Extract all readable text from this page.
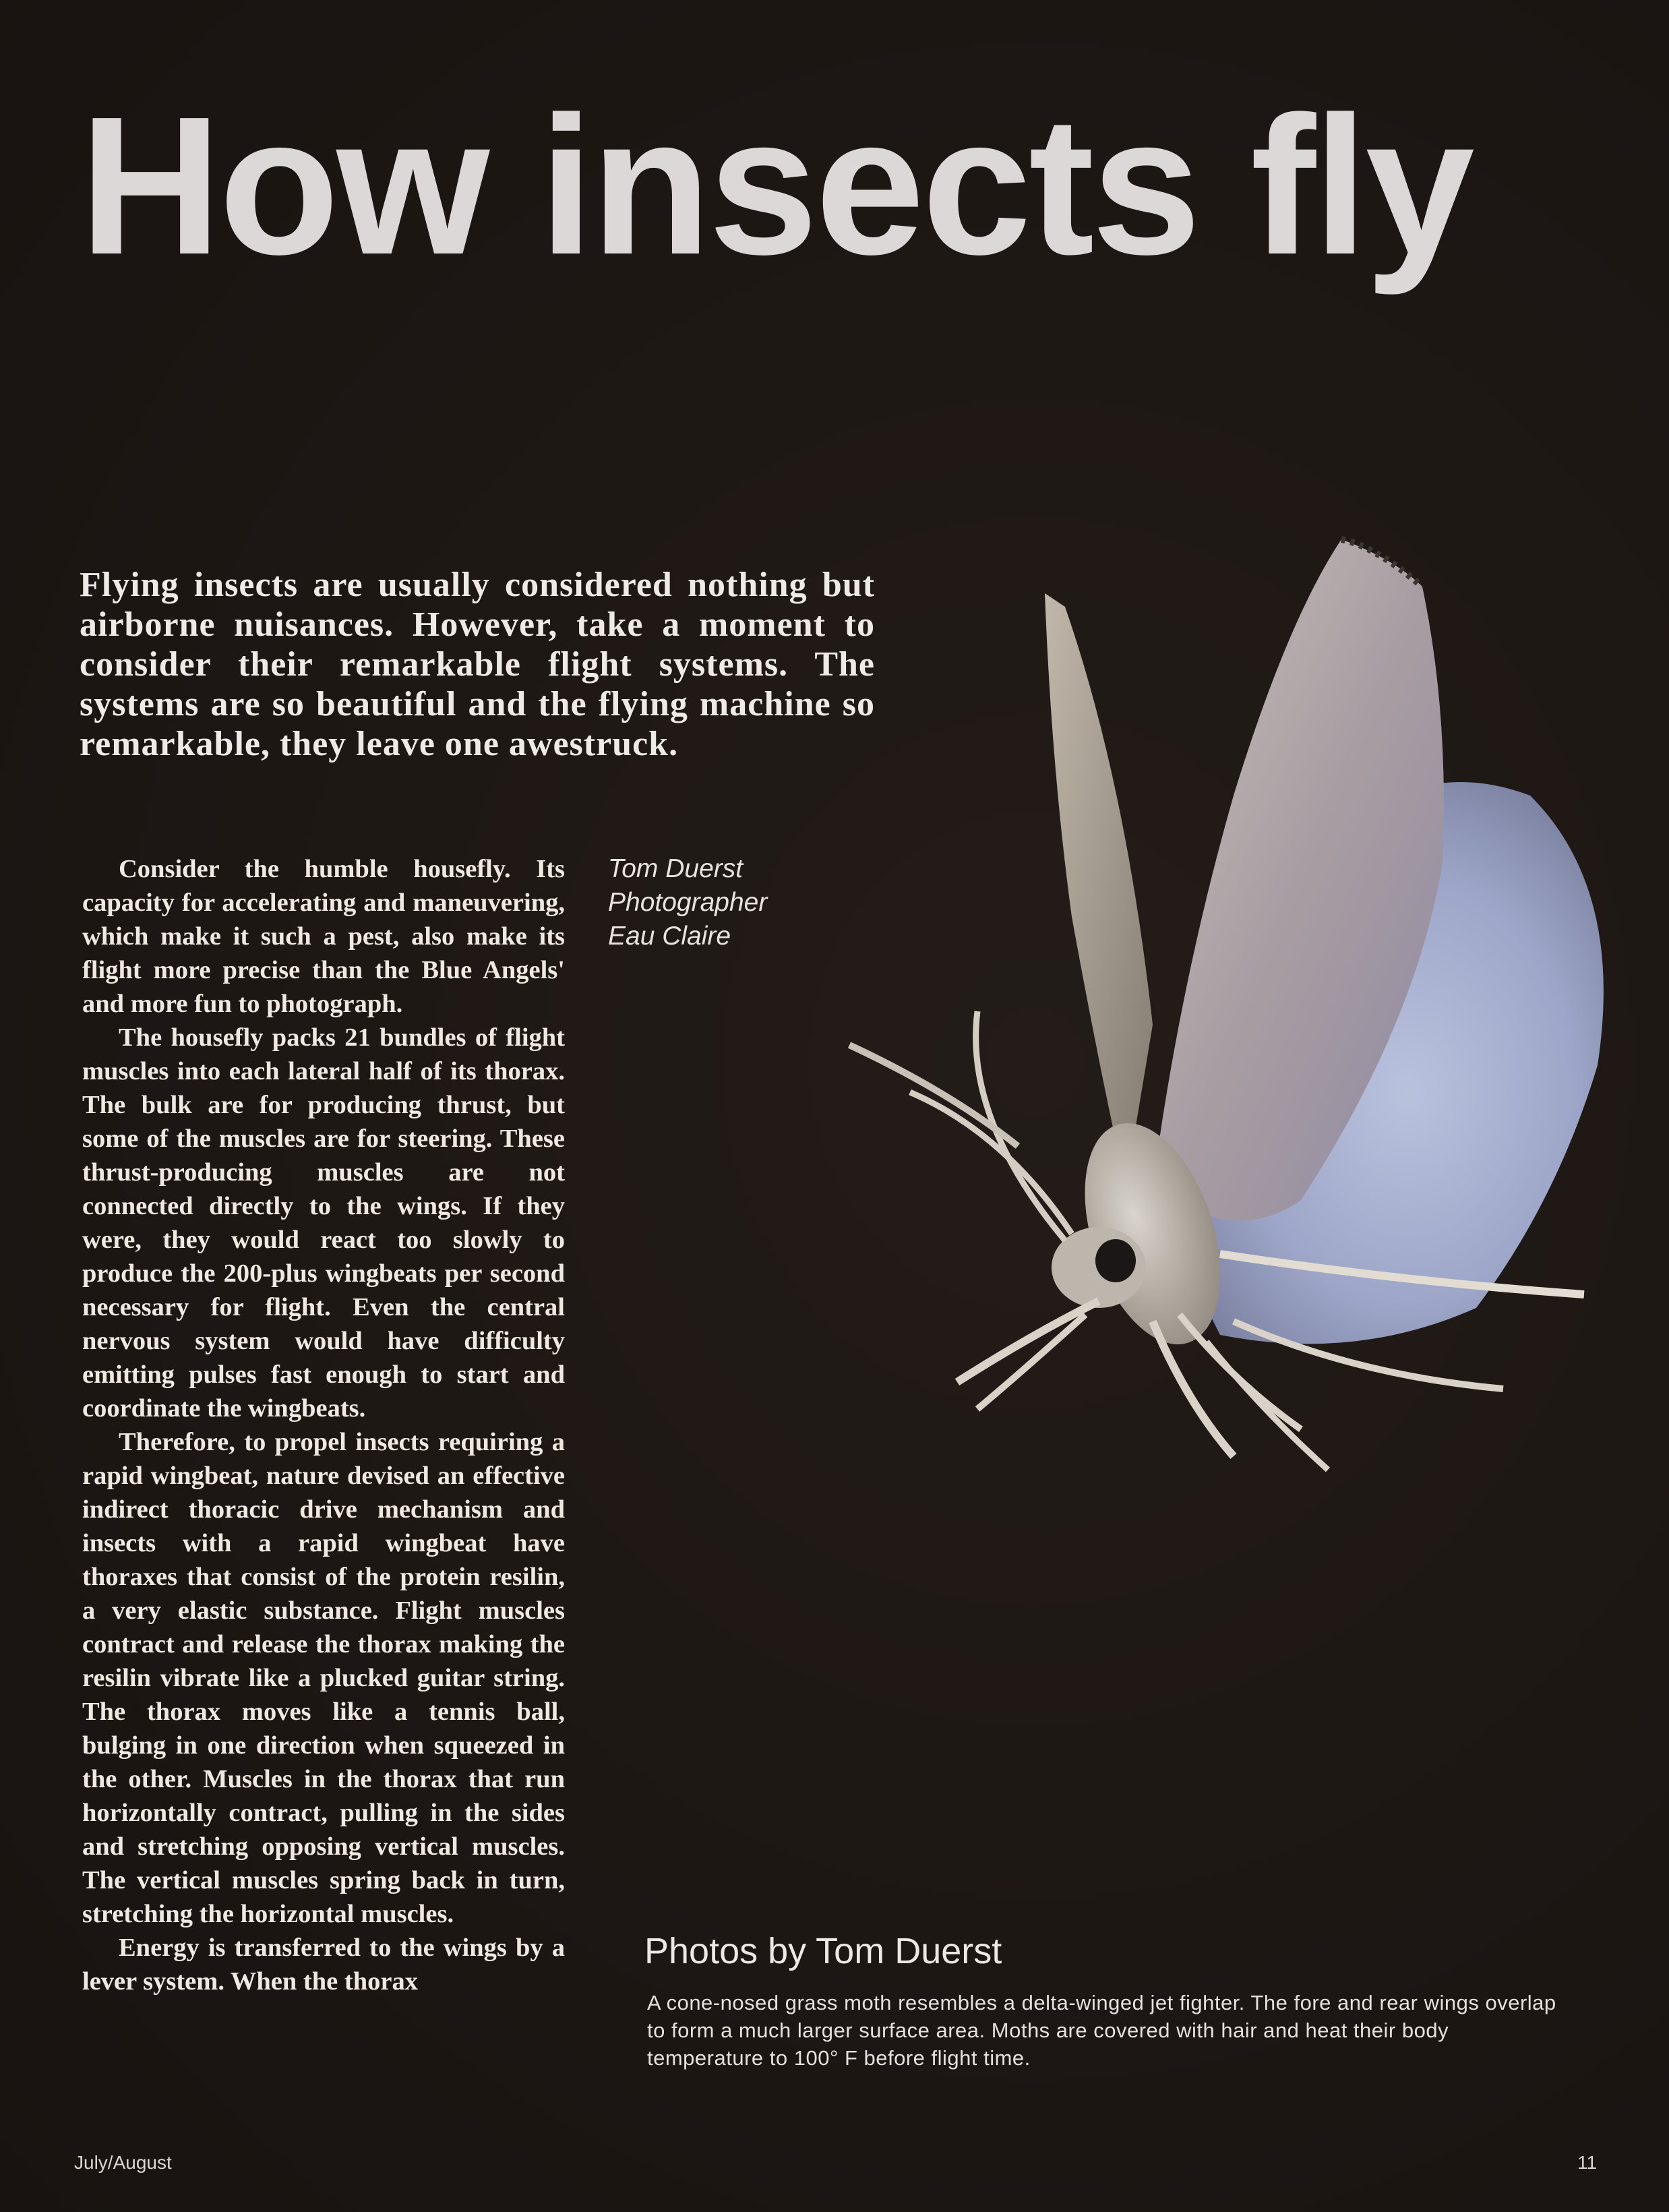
How insects fly
Flying insects are usually considered nothing but airborne nuisances. However, take a moment to consider their remarkable flight systems. The systems are so beautiful and the flying machine so remarkable, they leave one awestruck.

Consider the humble housefly. Its capacity for accelerating and maneuvering, which make it such a pest, also make its flight more precise than the Blue Angels' and more fun to photograph.

The housefly packs 21 bundles of flight muscles into each lateral half of its thorax. The bulk are for producing thrust, but some of the muscles are for steering. These thrust-producing muscles are not connected directly to the wings. If they were, they would react too slowly to produce the 200-plus wingbeats per second necessary for flight. Even the central nervous system would have difficulty emitting pulses fast enough to start and coordinate the wingbeats.

Therefore, to propel insects requiring a rapid wingbeat, nature devised an effective indirect thoracic drive mechanism and insects with a rapid wingbeat have thoraxes that consist of the protein resilin, a very elastic substance. Flight muscles contract and release the thorax making the resilin vibrate like a plucked guitar string. The thorax moves like a tennis ball, bulging in one direction when squeezed in the other. Muscles in the thorax that run horizontally contract, pulling in the sides and stretching opposing vertical muscles. The vertical muscles spring back in turn, stretching the horizontal muscles.

Energy is transferred to the wings by a lever system. When the thorax

Tom Duerst
Photographer
Eau Claire
Photos by Tom Duerst
A cone-nosed grass moth resembles a delta-winged jet fighter. The fore and rear wings overlap to form a much larger surface area. Moths are covered with hair and heat their body temperature to 100° F before flight time.
July/August	11
